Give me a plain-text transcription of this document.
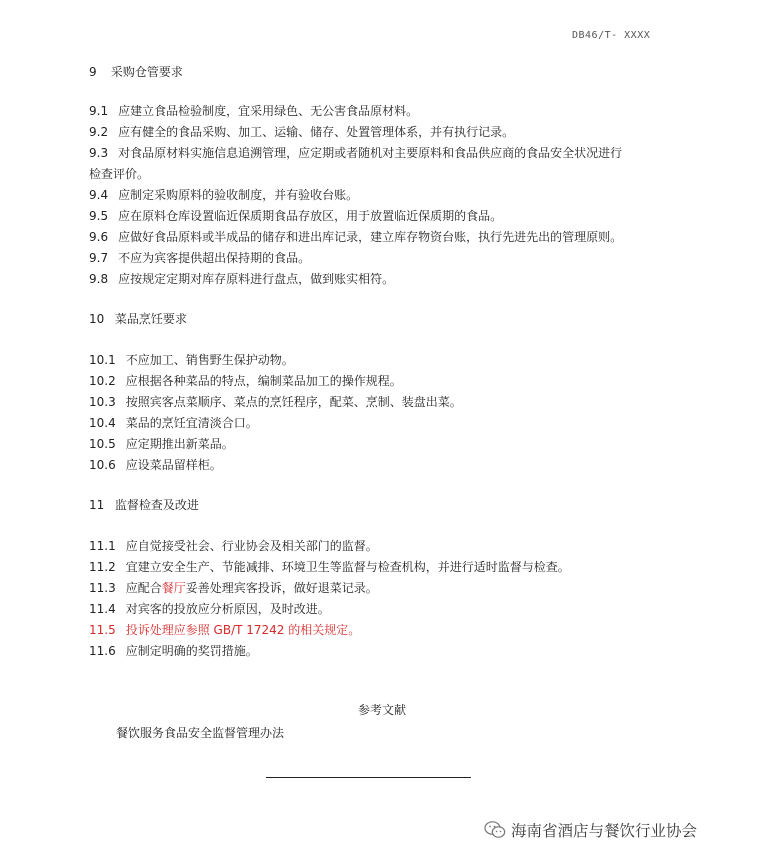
DB46/T- XXXX
9 采购仓管要求
9.1 应建立食品检验制度，宜采用绿色、无公害食品原材料。
9.2 应有健全的食品采购、加工、运输、储存、处置管理体系，并有执行记录。
9.3 对食品原材料实施信息追溯管理，应定期或者随机对主要原料和食品供应商的食品安全状况进行
检查评价。
9.4 应制定采购原料的验收制度，并有验收台账。
9.5 应在原料仓库设置临近保质期食品存放区，用于放置临近保质期的食品。
9.6 应做好食品原料或半成品的储存和进出库记录，建立库存物资台账，执行先进先出的管理原则。
9.7 不应为宾客提供超出保持期的食品。
9.8 应按规定定期对库存原料进行盘点，做到账实相符。
10 菜品烹饪要求
10.1 不应加工、销售野生保护动物。
10.2 应根据各种菜品的特点，编制菜品加工的操作规程。
10.3 按照宾客点菜顺序、菜点的烹饪程序，配菜、烹制、装盘出菜。
10.4 菜品的烹饪宜清淡合口。
10.5 应定期推出新菜品。
10.6 应设菜品留样柜。
11 监督检查及改进
11.1 应自觉接受社会、行业协会及相关部门的监督。
11.2 宜建立安全生产、节能减排、环境卫生等监督与检查机构，并进行适时监督与检查。
11.3 应配合餐厅妥善处理宾客投诉，做好退菜记录。
11.4 对宾客的投放应分析原因，及时改进。
11.5 投诉处理应参照 GB/T 17242 的相关规定。
11.6 应制定明确的奖罚措施。
参考文献
餐饮服务食品安全监督管理办法
海南省酒店与餐饮行业协会
